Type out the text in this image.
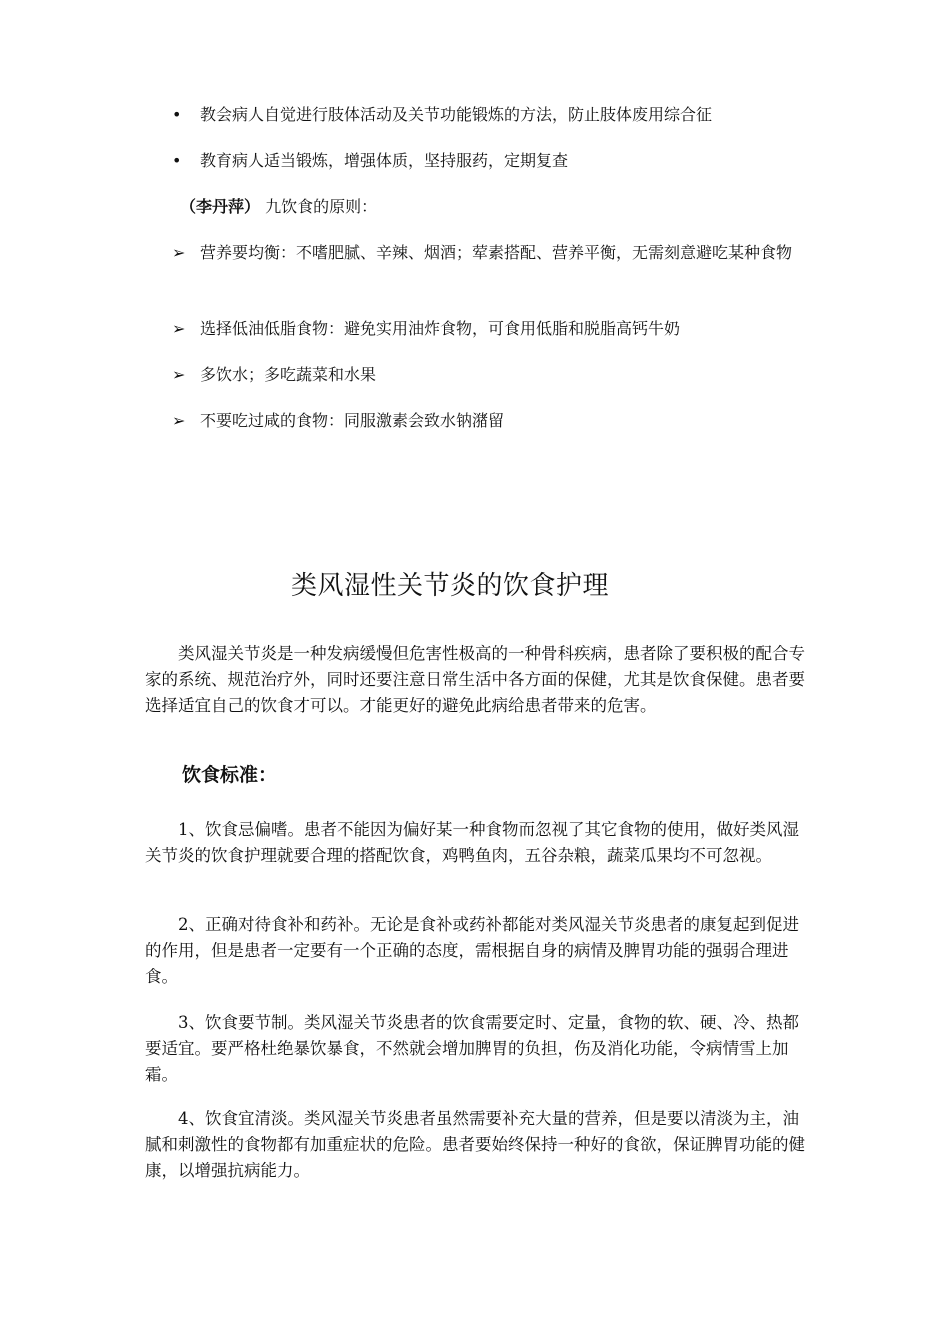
•	教会病人自觉进行肢体活动及关节功能锻炼的方法，防止肢体废用综合征
•	教育病人适当锻炼，增强体质，坚持服药，定期复查
（李丹萍） 九饮食的原则：
➢ 营养要均衡：不嗜肥腻、辛辣、烟酒；荤素搭配、营养平衡，无需刻意避吃某种食物
➢ 选择低油低脂食物：避免实用油炸食物，可食用低脂和脱脂高钙牛奶
➢ 多饮水；多吃蔬菜和水果
➢ 不要吃过咸的食物：同服激素会致水钠潴留
类风湿性关节炎的饮食护理

类风湿关节炎是一种发病缓慢但危害性极高的一种骨科疾病，患者除了要积极的配合专家的系统、规范治疗外，同时还要注意日常生活中各方面的保健，尤其是饮食保健。患者要选择适宜自己的饮食才可以。才能更好的避免此病给患者带来的危害。

饮食标准：

1、饮食忌偏嗜。患者不能因为偏好某一种食物而忽视了其它食物的使用，做好类风湿关节炎的饮食护理就要合理的搭配饮食，鸡鸭鱼肉，五谷杂粮，蔬菜瓜果均不可忽视。

2、正确对待食补和药补。无论是食补或药补都能对类风湿关节炎患者的康复起到促进的作用，但是患者一定要有一个正确的态度，需根据自身的病情及脾胃功能的强弱合理进食。

3、饮食要节制。类风湿关节炎患者的饮食需要定时、定量，食物的软、硬、冷、热都要适宜。要严格杜绝暴饮暴食，不然就会增加脾胃的负担，伤及消化功能，令病情雪上加霜。

4、饮食宜清淡。类风湿关节炎患者虽然需要补充大量的营养，但是要以清淡为主，油腻和刺激性的食物都有加重症状的危险。患者要始终保持一种好的食欲，保证脾胃功能的健康，以增强抗病能力。
